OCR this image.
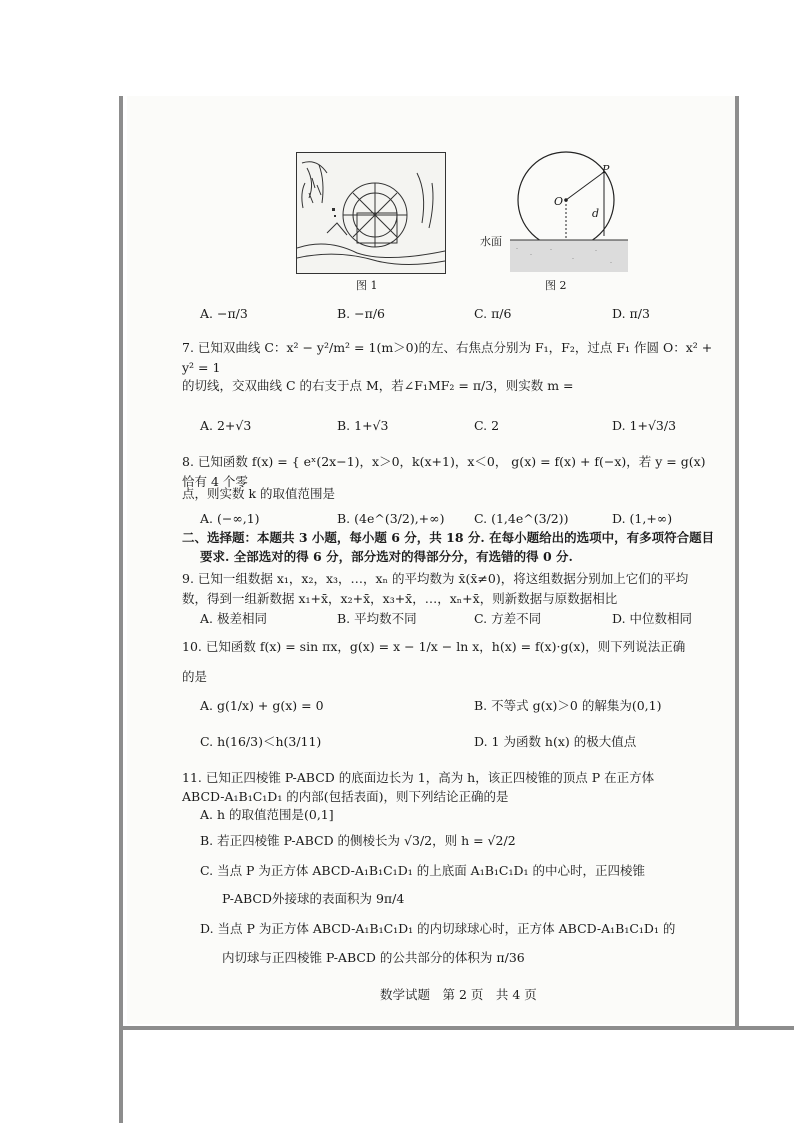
图 1
P
O
d
水面
图 2
A. −π/3	B. −π/6	C. π/6	D. π/3
7. 已知双曲线 C：x² − y²/m² = 1(m＞0)的左、右焦点分别为 F₁，F₂，过点 F₁ 作圆 O：x² + y² = 1
的切线，交双曲线 C 的右支于点 M，若∠F₁MF₂ = π/3，则实数 m =
A. 2+√3	B. 1+√3	C. 2	D. 1+√3/3
8. 已知函数 f(x) = { eˣ(2x−1)，x＞0，k(x+1)，x＜0， g(x) = f(x) + f(−x)，若 y = g(x) 恰有 4 个零
点，则实数 k 的取值范围是
A. (−∞,1)	B. (4e^(3/2),+∞) C. (1,4e^(3/2))	D. (1,+∞)
二、选择题：本题共 3 小题，每小题 6 分，共 18 分. 在每小题给出的选项中，有多项符合题目
要求. 全部选对的得 6 分，部分选对的得部分分，有选错的得 0 分.
9. 已知一组数据 x₁，x₂，x₃，…，xₙ 的平均数为 x̄(x̄≠0)，将这组数据分别加上它们的平均
数，得到一组新数据 x₁+x̄，x₂+x̄，x₃+x̄，…，xₙ+x̄，则新数据与原数据相比
A. 极差相同	B. 平均数不同	C. 方差不同	D. 中位数相同
10. 已知函数 f(x) = sin πx，g(x) = x − 1/x − ln x，h(x) = f(x)·g(x)，则下列说法正确
的是
A. g(1/x) + g(x) = 0	B. 不等式 g(x)＞0 的解集为(0,1)
C. h(16/3)＜h(3/11)	D. 1 为函数 h(x) 的极大值点
11. 已知正四棱锥 P-ABCD 的底面边长为 1，高为 h，该正四棱锥的顶点 P 在正方体
ABCD-A₁B₁C₁D₁ 的内部(包括表面)，则下列结论正确的是
A. h 的取值范围是(0,1]
B. 若正四棱锥 P-ABCD 的侧棱长为 √3/2，则 h = √2/2
C. 当点 P 为正方体 ABCD-A₁B₁C₁D₁ 的上底面 A₁B₁C₁D₁ 的中心时，正四棱锥
P-ABCD外接球的表面积为 9π/4
D. 当点 P 为正方体 ABCD-A₁B₁C₁D₁ 的内切球球心时，正方体 ABCD-A₁B₁C₁D₁ 的
内切球与正四棱锥 P-ABCD 的公共部分的体积为 π/36
数学试题　第 2 页　共 4 页
